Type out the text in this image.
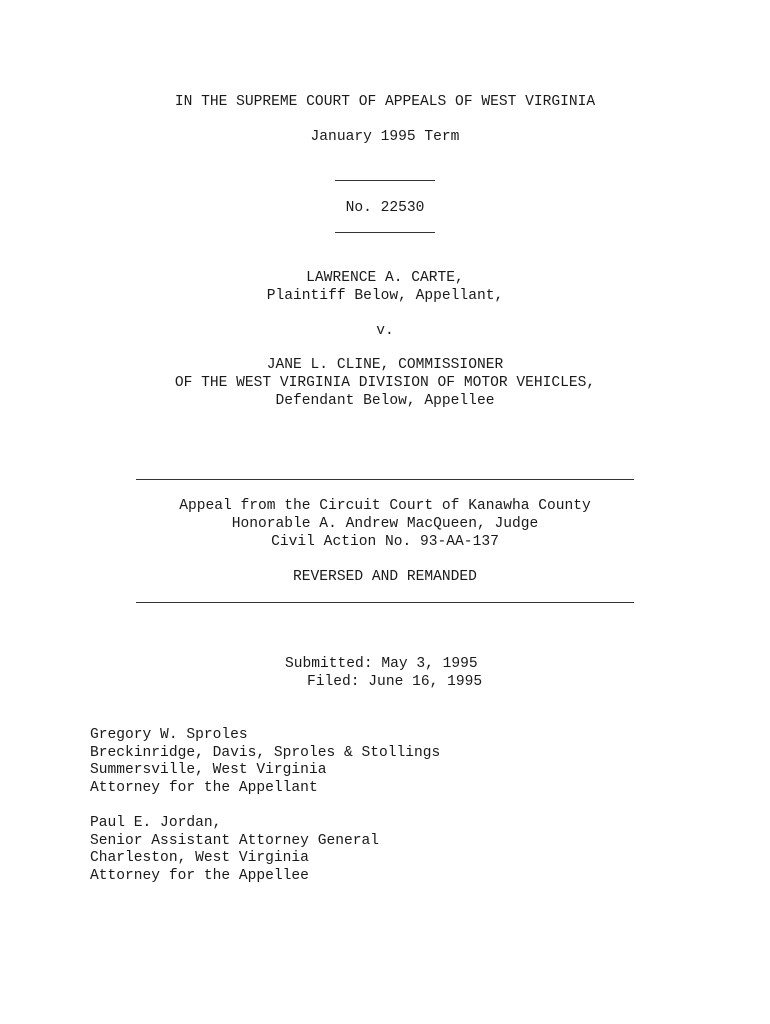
IN THE SUPREME COURT OF APPEALS OF WEST VIRGINIA
January 1995 Term
No. 22530
LAWRENCE A. CARTE,
Plaintiff Below, Appellant,
v.
JANE L. CLINE, COMMISSIONER
OF THE WEST VIRGINIA DIVISION OF MOTOR VEHICLES,
Defendant Below, Appellee
Appeal from the Circuit Court of Kanawha County
Honorable A. Andrew MacQueen, Judge
Civil Action No. 93-AA-137
REVERSED AND REMANDED
Submitted: May 3, 1995
Filed: June 16, 1995
Gregory W. Sproles
Breckinridge, Davis, Sproles & Stollings
Summersville, West Virginia
Attorney for the Appellant
Paul E. Jordan,
Senior Assistant Attorney General
Charleston, West Virginia
Attorney for the Appellee
